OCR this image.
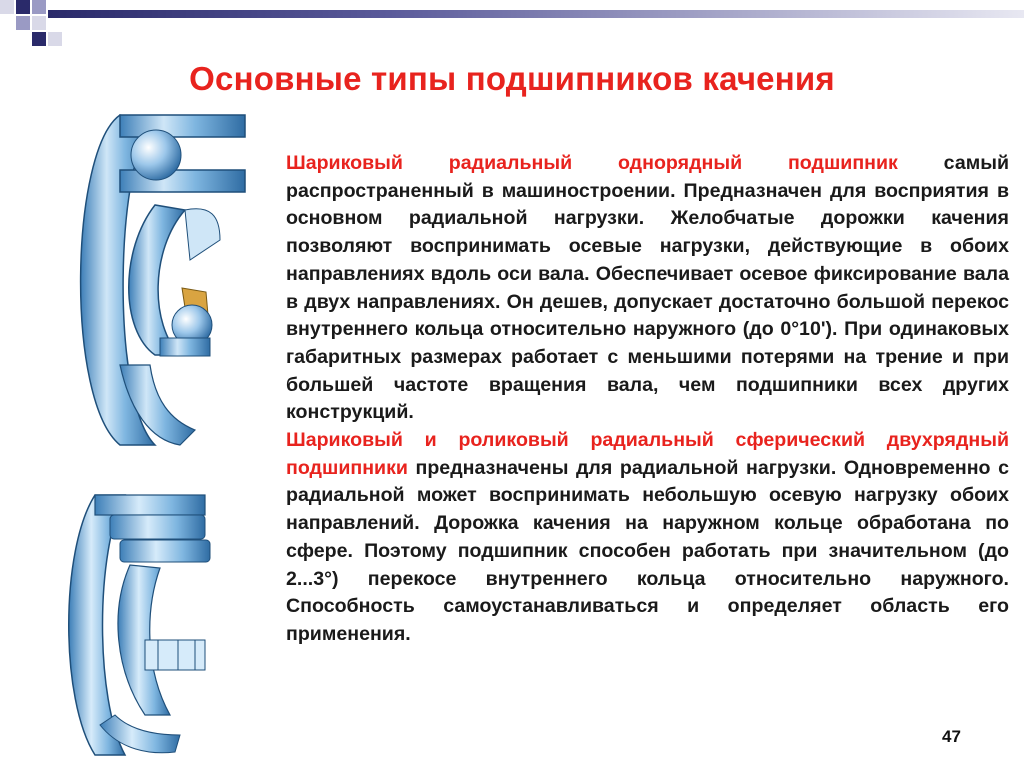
Основные типы подшипников качения

Шариковый радиальный однорядный подшипник самый распространенный в машиностроении. Предназначен для восприятия в основном радиальной нагрузки. Желобчатые дорожки качения позволяют воспринимать осевые нагрузки, действующие в обоих направлениях вдоль оси вала. Обеспечивает осевое фиксирование вала в двух направлениях. Он дешев, допускает достаточно большой перекос внутреннего кольца относительно наружного (до 0°10'). При одинаковых габаритных размерах работает с меньшими потерями на трение и при большей частоте вращения вала, чем подшипники всех других конструкций.

Шариковый и роликовый радиальный сферический двухрядный подшипники предназначены для радиальной нагрузки. Одновременно с радиальной может воспринимать небольшую осевую нагрузку обоих направлений. Дорожка качения на наружном кольце обработана по сфере. Поэтому подшипник способен работать при значительном (до 2...3°) перекосе внутреннего кольца относительно наружного. Способность самоустанавливаться и определяет область его применения.

47
